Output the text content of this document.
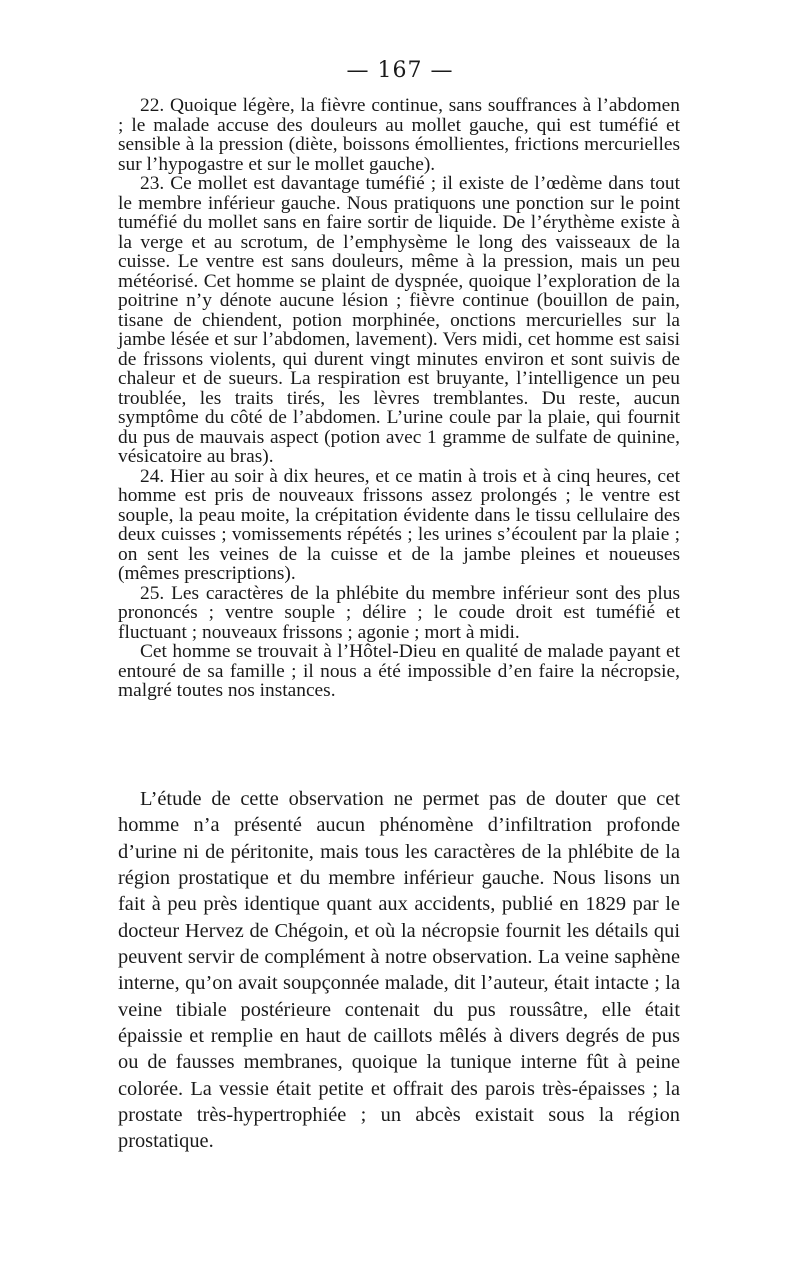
— 167 —

22. Quoique légère, la fièvre continue, sans souffrances à l’abdomen ; le malade accuse des douleurs au mollet gauche, qui est tuméfié et sensible à la pression (diète, boissons émollientes, frictions mercurielles sur l’hypogastre et sur le mollet gauche).

23. Ce mollet est davantage tuméfié ; il existe de l’œdème dans tout le membre inférieur gauche. Nous pratiquons une ponction sur le point tuméfié du mollet sans en faire sortir de liquide. De l’érythème existe à la verge et au scrotum, de l’emphysème le long des vaisseaux de la cuisse. Le ventre est sans douleurs, même à la pression, mais un peu météorisé. Cet homme se plaint de dyspnée, quoique l’exploration de la poitrine n’y dénote aucune lésion ; fièvre continue (bouillon de pain, tisane de chiendent, potion morphinée, onctions mercurielles sur la jambe lésée et sur l’abdomen, lavement). Vers midi, cet homme est saisi de frissons violents, qui durent vingt minutes environ et sont suivis de chaleur et de sueurs. La respiration est bruyante, l’intelligence un peu troublée, les traits tirés, les lèvres tremblantes. Du reste, aucun symptôme du côté de l’abdomen. L’urine coule par la plaie, qui fournit du pus de mauvais aspect (potion avec 1 gramme de sulfate de quinine, vésicatoire au bras).

24. Hier au soir à dix heures, et ce matin à trois et à cinq heures, cet homme est pris de nouveaux frissons assez prolongés ; le ventre est souple, la peau moite, la crépitation évidente dans le tissu cellulaire des deux cuisses ; vomissements répétés ; les urines s’écoulent par la plaie ; on sent les veines de la cuisse et de la jambe pleines et noueuses (mêmes prescriptions).

25. Les caractères de la phlébite du membre inférieur sont des plus prononcés ; ventre souple ; délire ; le coude droit est tuméfié et fluctuant ; nouveaux frissons ; agonie ; mort à midi.

Cet homme se trouvait à l’Hôtel-Dieu en qualité de malade payant et entouré de sa famille ; il nous a été impossible d’en faire la nécropsie, malgré toutes nos instances.

L’étude de cette observation ne permet pas de douter que cet homme n’a présenté aucun phénomène d’infiltration profonde d’urine ni de péritonite, mais tous les caractères de la phlébite de la région prostatique et du membre inférieur gauche. Nous lisons un fait à peu près identique quant aux accidents, publié en 1829 par le docteur Hervez de Chégoin, et où la nécropsie fournit les détails qui peuvent servir de complément à notre observation. La veine saphène interne, qu’on avait soupçonnée malade, dit l’auteur, était intacte ; la veine tibiale postérieure contenait du pus roussâtre, elle était épaissie et remplie en haut de caillots mêlés à divers degrés de pus ou de fausses membranes, quoique la tunique interne fût à peine colorée. La vessie était petite et offrait des parois très-épaisses ; la prostate très-hypertrophiée ; un abcès existait sous la région prostatique.
